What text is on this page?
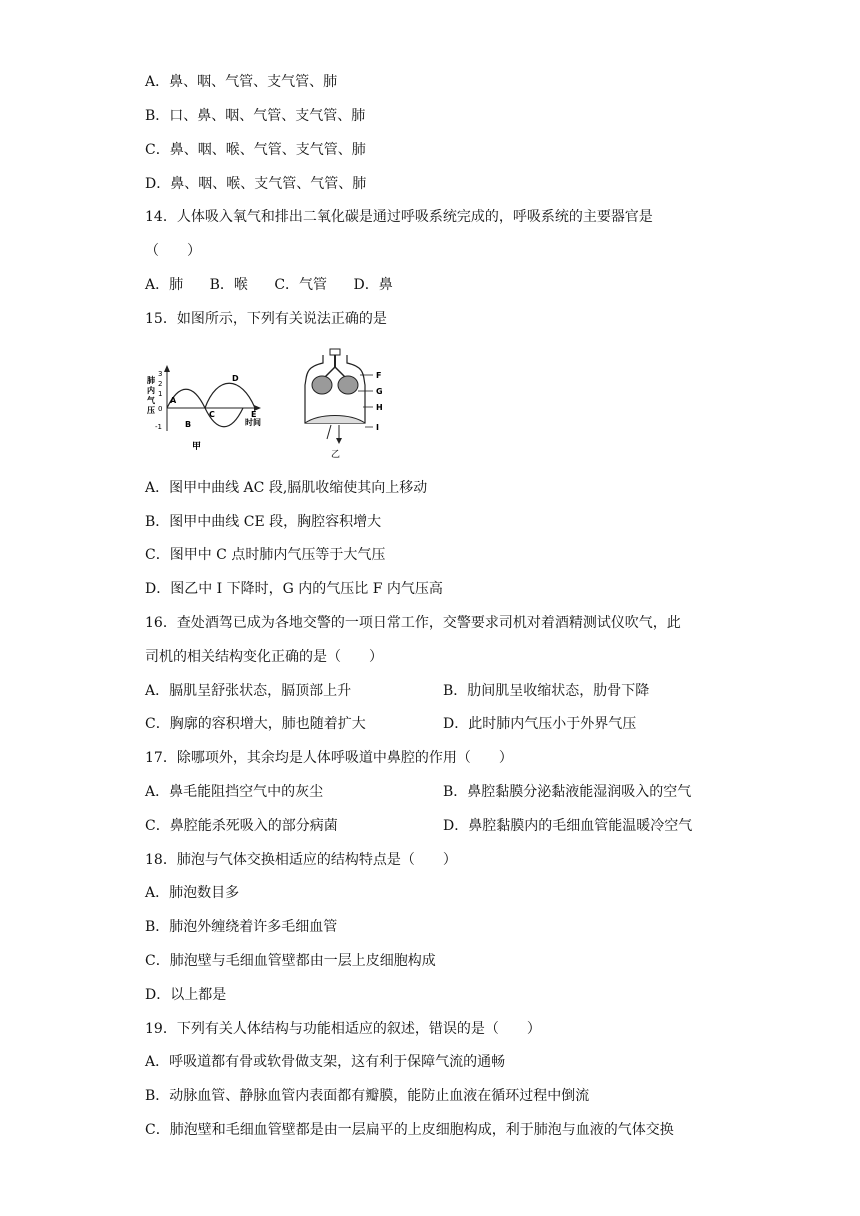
A．鼻、咽、气管、支气管、肺
B．口、鼻、咽、气管、支气管、肺
C．鼻、咽、喉、气管、支气管、肺
D．鼻、咽、喉、支气管、气管、肺
14．人体吸入氧气和排出二氧化碳是通过呼吸系统完成的，呼吸系统的主要器官是
（　　）
A．肺 B．喉 C．气管 D．鼻
15．如图所示，下列有关说法正确的是
肺
内
气
压
3
2
1
0
-1
A
B
C
D
E
时间
甲
F
G
H
I
乙
A．图甲中曲线 AC 段,膈肌收缩使其向上移动
B．图甲中曲线 CE 段，胸腔容积增大
C．图甲中 C 点时肺内气压等于大气压
D．图乙中 I 下降时，G 内的气压比 F 内气压高
16．查处酒驾已成为各地交警的一项日常工作，交警要求司机对着酒精测试仪吹气，此
司机的相关结构变化正确的是（　　）
A．膈肌呈舒张状态，膈顶部上升	B．肋间肌呈收缩状态，肋骨下降
C．胸廓的容积增大，肺也随着扩大	D．此时肺内气压小于外界气压
17．除哪项外，其余均是人体呼吸道中鼻腔的作用（　　）
A．鼻毛能阻挡空气中的灰尘	B．鼻腔黏膜分泌黏液能湿润吸入的空气
C．鼻腔能杀死吸入的部分病菌	D．鼻腔黏膜内的毛细血管能温暖冷空气
18．肺泡与气体交换相适应的结构特点是（　　）
A．肺泡数目多
B．肺泡外缠绕着许多毛细血管
C．肺泡壁与毛细血管壁都由一层上皮细胞构成
D．以上都是
19．下列有关人体结构与功能相适应的叙述，错误的是（　　）
A．呼吸道都有骨或软骨做支架，这有利于保障气流的通畅
B．动脉血管、静脉血管内表面都有瓣膜，能防止血液在循环过程中倒流
C．肺泡壁和毛细血管壁都是由一层扁平的上皮细胞构成，利于肺泡与血液的气体交换
